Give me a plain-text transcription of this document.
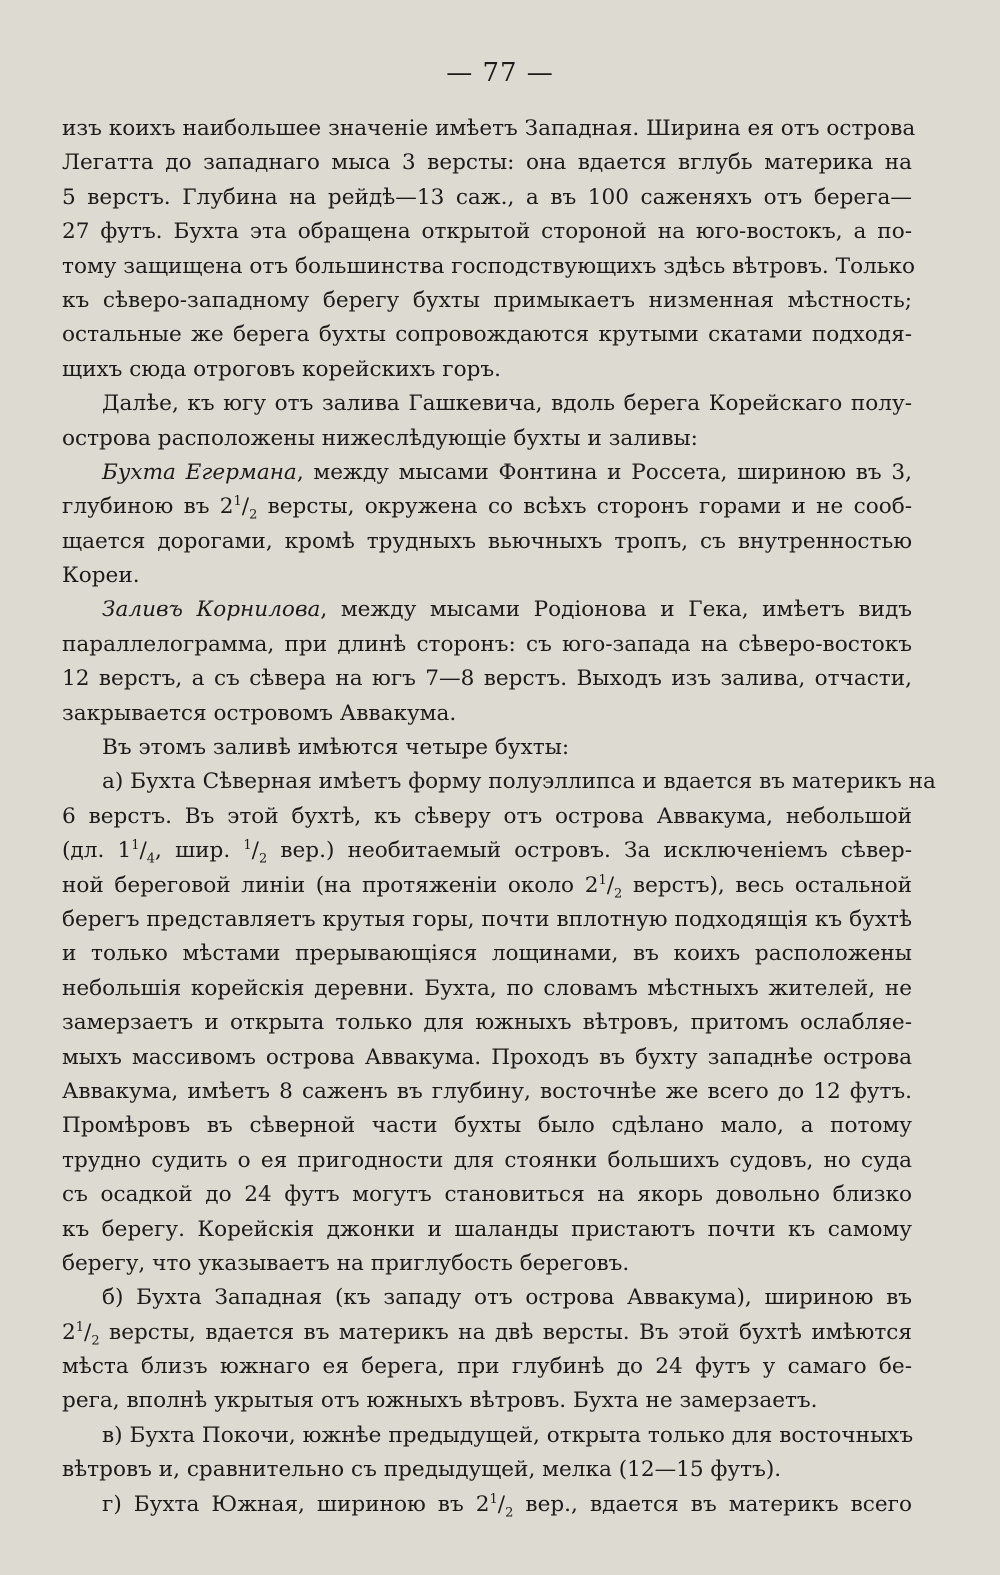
— 77 —
изъ коихъ наибольшее значенiе имѣетъ Западная. Ширина ея отъ острова
Легатта до западнаго мыса 3 версты: она вдается вглубь материка на
5 верстъ. Глубина на рейдѣ—13 саж., а въ 100 саженяхъ отъ берега—
27 футъ. Бухта эта обращена открытой стороной на юго-востокъ, а по-
тому защищена отъ большинства господствующихъ здѣсь вѣтровъ. Только
къ сѣверо-западному берегу бухты примыкаетъ низменная мѣстность;
остальные же берега бухты сопровождаются крутыми скатами подходя-
щихъ сюда отроговъ корейскихъ горъ.
Далѣе, къ югу отъ залива Гашкевича, вдоль берега Корейскаго полу-
острова расположены нижеслѣдующiе бухты и заливы:
Бухта Егермана, между мысами Фонтина и Россета, шириною въ 3,
глубиною въ $2^1/_2$ версты, окружена со всѣхъ сторонъ горами и не сооб-
щается дорогами, кромѣ трудныхъ вьючныхъ тропъ, съ внутренностью
Кореи.
Заливъ Корнилова, между мысами Родiонова и Гека, имѣетъ видъ
параллелограмма, при длинѣ сторонъ: съ юго-запада на сѣверо-востокъ
12 верстъ, а съ сѣвера на югъ 7—8 верстъ. Выходъ изъ залива, отчасти,
закрывается островомъ Аввакума.
Въ этомъ заливѣ имѣются четыре бухты:
а) Бухта Сѣверная имѣетъ форму полуэллипса и вдается въ материкъ на
6 верстъ. Въ этой бухтѣ, къ сѣверу отъ острова Аввакума, небольшой
(дл. $1^1/_4$, шир. $^1/_2$ вер.) необитаемый островъ. За исключенiемъ сѣвер-
ной береговой линiи (на протяженiи около $2^1/_2$ верстъ), весь остальной
берегъ представляетъ крутыя горы, почти вплотную подходящiя къ бухтѣ
и только мѣстами прерывающiяся лощинами, въ коихъ расположены
небольшiя корейскiя деревни. Бухта, по словамъ мѣстныхъ жителей, не
замерзаетъ и открыта только для южныхъ вѣтровъ, притомъ ослабляе-
мыхъ массивомъ острова Аввакума. Проходъ въ бухту западнѣе острова
Аввакума, имѣетъ 8 саженъ въ глубину, восточнѣе же всего до 12 футъ.
Промѣровъ въ сѣверной части бухты было сдѣлано мало, а потому
трудно судить о ея пригодности для стоянки большихъ судовъ, но суда
съ осадкой до 24 футъ могутъ становиться на якорь довольно близко
къ берегу. Корейскiя джонки и шаланды пристаютъ почти къ самому
берегу, что указываетъ на приглубость береговъ.
б) Бухта Западная (къ западу отъ острова Аввакума), шириною въ
$2^1/_2$ версты, вдается въ материкъ на двѣ версты. Въ этой бухтѣ имѣются
мѣста близъ южнаго ея берега, при глубинѣ до 24 футъ у самаго бе-
рега, вполнѣ укрытыя отъ южныхъ вѣтровъ. Бухта не замерзаетъ.
в) Бухта Покочи, южнѣе предыдущей, открыта только для восточныхъ
вѣтровъ и, сравнительно съ предыдущей, мелка (12—15 футъ).
г) Бухта Южная, шириною въ $2^1/_2$ вер., вдается въ материкъ всего
